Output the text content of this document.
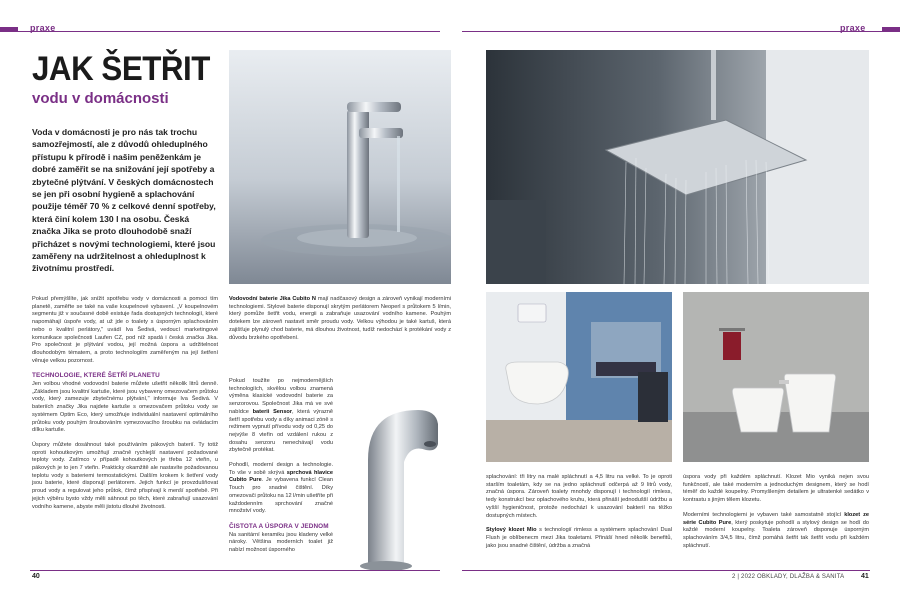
praxe	praxe
JAK ŠETŘIT
vodu v domácnosti

Voda v domácnosti je pro nás tak trochu samozřejmostí, ale z důvodů ohleduplného přístupu k přírodě i našim peněženkám je dobré zaměřit se na snižování její spotřeby a zbytečné plýtvání. V českých domácnostech se jen při osobní hygieně a splachování použije téměř 70 % z celkové denní spotřeby, která činí kolem 130 l na osobu. Česká značka Jika se proto dlouhodobě snaží přicházet s novými technologiemi, které jsou zaměřeny na udržitelnost a ohleduplnost k životnímu prostředí.

Pokud přemýšlíte, jak snížit spotřebu vody v domácnosti a pomoci tím planetě, zaměřte se také na vaše koupelnové vybavení. „V koupelnovém segmentu již v současné době existuje řada dostupných technologií, které napomáhají úspoře vody, at už jde o toalety s úsporným splachováním nebo o kvalitní perlátory," uvádí Iva Šedivá, vedoucí marketingové komunikace společnosti Laufen CZ, pod níž spadá i česká značka Jika. Pro společnost je plýtvání vodou, její možná úspora a udržitelnost dlouhodobým tématem, a proto technologiím zaměřeným na její šetření věnuje velkou pozornost.

TECHNOLOGIE, KTERÉ ŠETŘÍ PLANETU

Jen volbou vhodné vodovodní baterie můžete ušetřit několik litrů denně. „Základem jsou kvalitní kartuše, které jsou vybaveny omezovačem průtoku vody, který zamezuje zbytečnému plýtvání," informuje Iva Šedivá. V bateriích značky Jika najdete kartuše s omezovačem průtoku vody se systémem Optim Eco, který umožňuje individuální nastavení optimálního průtoku vody pouhým šroubováním vymezovacího šroubku na ovládacím dílku kartuše.

Úspory můžete dosáhnout také používáním pákových baterií. Ty totiž oproti kohoutkovým umožňují značně rychlejší nastavení požadované teploty vody. Zatímco v případě kohoutkových je třeba 12 vteřin, u pákových je to jen 7 vteřin. Prakticky okamžitě ale nastavíte požadovanou teplotu vody s bateriemi termostatickými. Dalším krokem k šetření vody jsou baterie, které disponují perlátorem. Jejich funkcí je provzdušňovat proud vody a regulovat jeho průtok, čímž přispívají k menší spotřebě. Při jejich výběru bysto vždy měli sáhnout po těch, které zabraňují usazování vodního kamene, abyste měli jistotu dlouhé životnosti.

Vodovodní baterie Jika Cubito N mají nadčasový design a zároveň vynikají moderními technologiemi. Stylové baterie disponují skrytým perlátorem Neoperl s průtokem 5 l/min, který pomůže šetřit vodu, energii a zabraňuje usazování vodního kamene. Pouhým dotekem lze zároveň nastavit směr proudu vody. Velkou výhodou je také kartuš, která zajišťuje plynulý chod baterie, má dlouhou životnost, tudíž nedochází k protékání vody z důvodu brzkého opotřebení.

Pokud toužíte po nejmodernějších technologiích, skvělou volbou znamená výměna klasické vodovodní baterie za senzorovou. Společnost Jika má ve své nabídce baterii Sensor, která výrazně šetří spotřebu vody a díky animaci zóně s režimem vypnutí přívodu vody od 0,25 do nejvýše 8 vteřin od vzdálení rukou z dosahu senzoru nenechávají vodu zbytečně protékat.

Pohodlí, moderní design a technologie. To vše v sobě skrývá sprchová hlavice Cubito Pure. Je vybavena funkcí Clean Touch pro snadné čištění. Díky omezovači průtoku na 12 l/min ušetříte při každodenním sprchování značné množství vody.

ČISTOTA A ÚSPORA V JEDNOM

Na sanitární keramiku jsou kladeny velké nároky. Většina moderních toalet již nabízí možnost úsporného

splachování: tři litry na malé spláchnutí a 4,5 litru na velké. To je oproti starším toaletám, kdy se na jedno spláchnutí odčerpá až 9 litrů vody, značná úspora. Zároveň toalety mnohdy disponují i technologií rimless, tedy konstrukcí bez oplachového kruhu, která přináší jednodušší údržbu a vyšší hygieničnost, protože nedochází k usazování bakterií na těžko dostupných místech.

Stylový klozet Mio s technologií rimless a systémem splachování Dual Flush je oblíbenecm mezi Jika toaletami. Přináší hned několik benefitů, jako jsou snadné čištění, údržba a značná

úspora vody při každém spláchnutí. Klozet Mio vyniká nejen svou funkčností, ale také moderním a jednoduchým designem, který se hodí téměř do každé koupelny. Promyšleným detailem je ultratenké sedátko v kontrastu s jiným tělem klozetu.

Moderními technologiemi je vybaven také samostatně stojící klozet ze série Cubito Pure, který poskytuje pohodlí a stylový design se hodí do každé moderní koupelny. Toaleta zároveň disponuje úsporným splachováním 3/4,5 litru, čímž pomáhá šetřit tak šetřit vodu při každém spláchnutí.

40	2 | 2022 OBKLADY, DLAŽBA & SANITA 41
